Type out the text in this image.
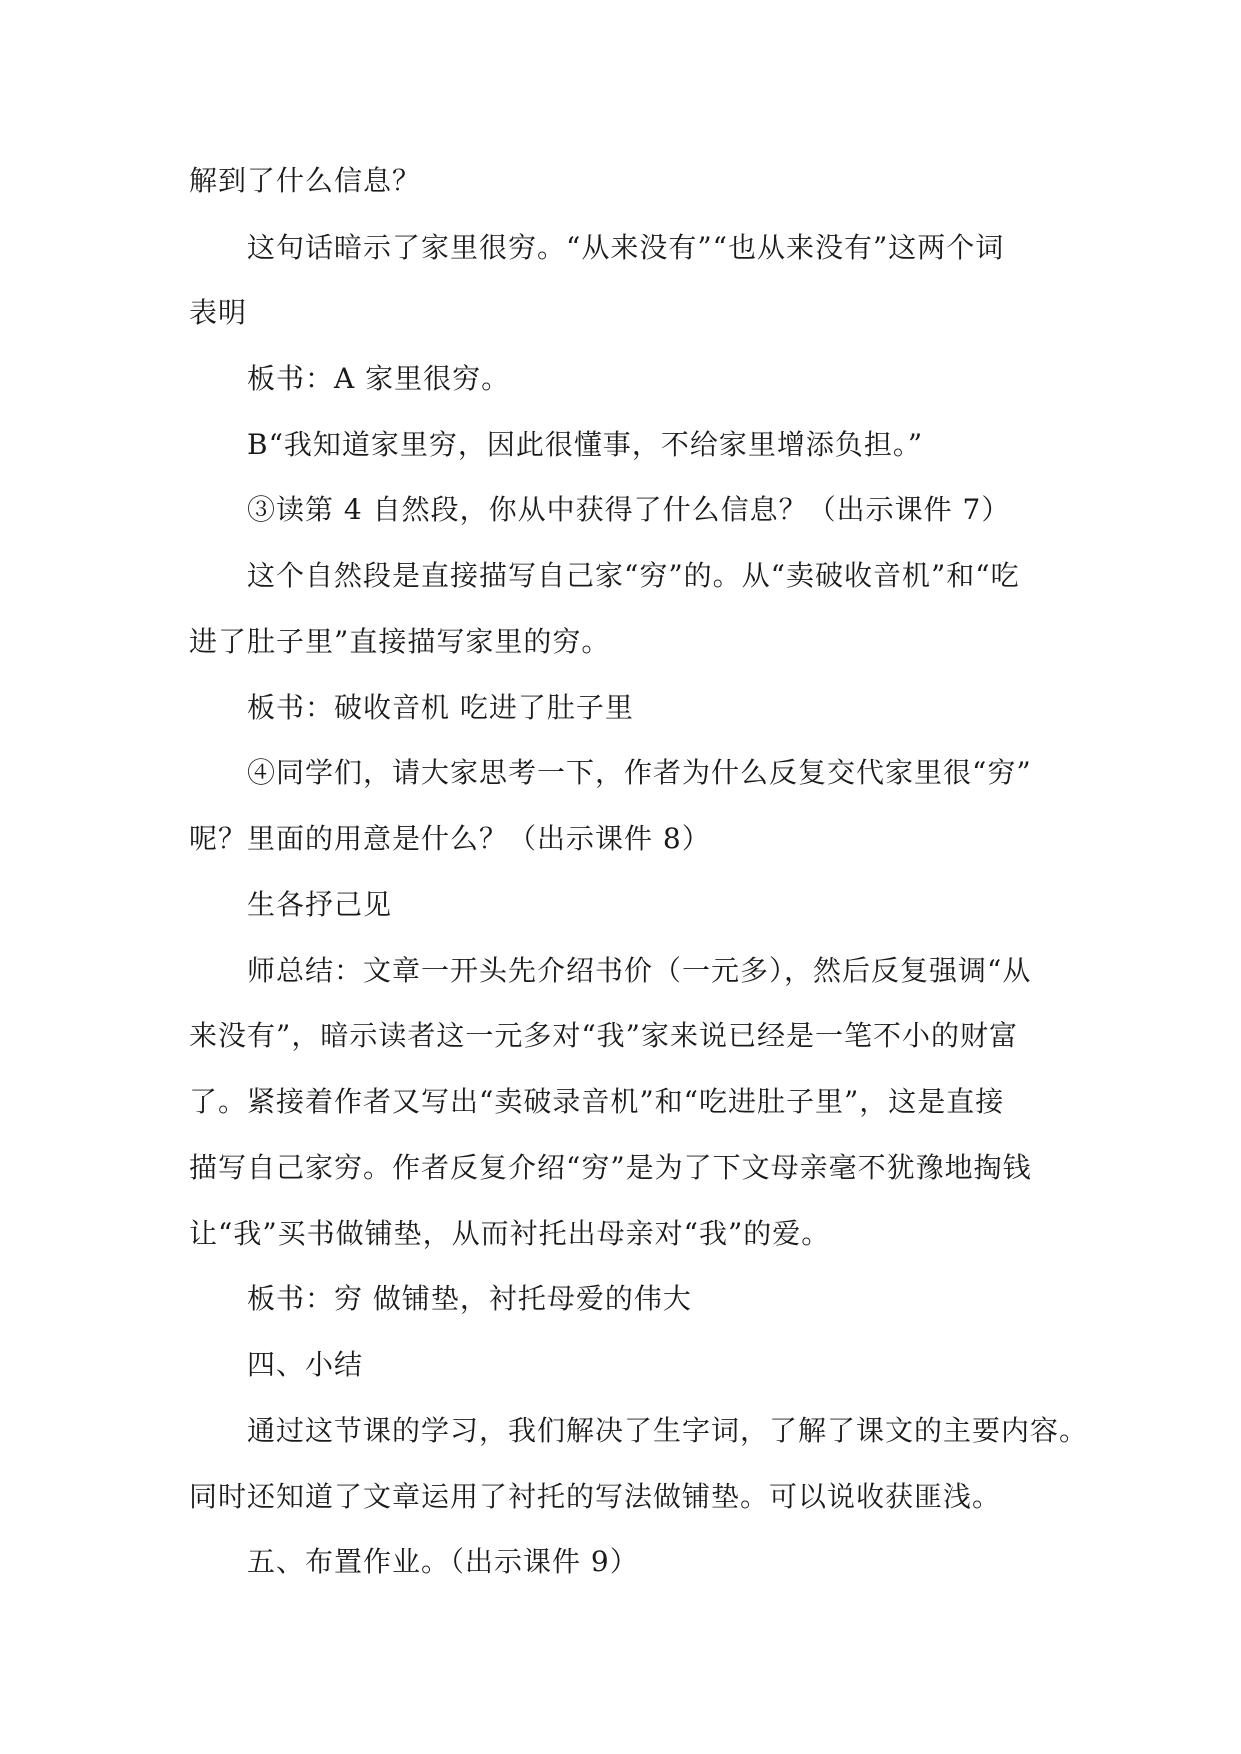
解到了什么信息？
这句话暗示了家里很穷。“从来没有”“也从来没有”这两个词
表明
板书：A 家里很穷。
B“我知道家里穷，因此很懂事，不给家里增添负担。”
③读第 4 自然段，你从中获得了什么信息？（出示课件 7）
这个自然段是直接描写自己家“穷”的。从“卖破收音机”和“吃
进了肚子里”直接描写家里的穷。
板书：破收音机 吃进了肚子里
④同学们，请大家思考一下，作者为什么反复交代家里很“穷”
呢？里面的用意是什么？（出示课件 8）
生各抒己见
师总结：文章一开头先介绍书价（一元多），然后反复强调“从
来没有”，暗示读者这一元多对“我”家来说已经是一笔不小的财富
了。紧接着作者又写出“卖破录音机”和“吃进肚子里”，这是直接
描写自己家穷。作者反复介绍“穷”是为了下文母亲毫不犹豫地掏钱
让“我”买书做铺垫，从而衬托出母亲对“我”的爱。
板书：穷 做铺垫，衬托母爱的伟大
四、小结
通过这节课的学习，我们解决了生字词，了解了课文的主要内容。
同时还知道了文章运用了衬托的写法做铺垫。可以说收获匪浅。
五、布置作业。（出示课件 9）
